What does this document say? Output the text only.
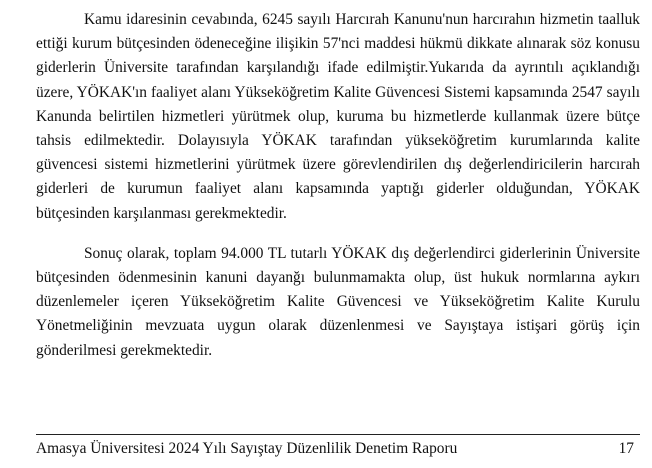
Kamu idaresinin cevabında, 6245 sayılı Harcırah Kanunu'nun harcırahın hizmetin taalluk ettiği kurum bütçesinden ödeneceğine ilişikin 57'nci maddesi hükmü dikkate alınarak söz konusu giderlerin Üniversite tarafından karşılandığı ifade edilmiştir.Yukarıda da ayrıntılı açıklandığı üzere, YÖKAK'ın faaliyet alanı Yükseköğretim Kalite Güvencesi Sistemi kapsamında 2547 sayılı Kanunda belirtilen hizmetleri yürütmek olup, kuruma bu hizmetlerde kullanmak üzere bütçe tahsis edilmektedir. Dolayısıyla YÖKAK tarafından yükseköğretim kurumlarında kalite güvencesi sistemi hizmetlerini yürütmek üzere görevlendirilen dış değerlendiricilerin harcırah giderleri de kurumun faaliyet alanı kapsamında yaptığı giderler olduğundan, YÖKAK bütçesinden karşılanması gerekmektedir.

Sonuç olarak, toplam 94.000 TL tutarlı YÖKAK dış değerlendirci giderlerinin Üniversite bütçesinden ödenmesinin kanuni dayanğı bulunmamakta olup, üst hukuk normlarına aykırı düzenlemeler içeren Yükseköğretim Kalite Güvencesi ve Yükseköğretim Kalite Kurulu Yönetmeliğinin mevzuata uygun olarak düzenlenmesi ve Sayıştaya istişari görüş için gönderilmesi gerekmektedir.

Amasya Üniversitesi 2024 Yılı Sayıştay Düzenlilik Denetim Raporu	17
